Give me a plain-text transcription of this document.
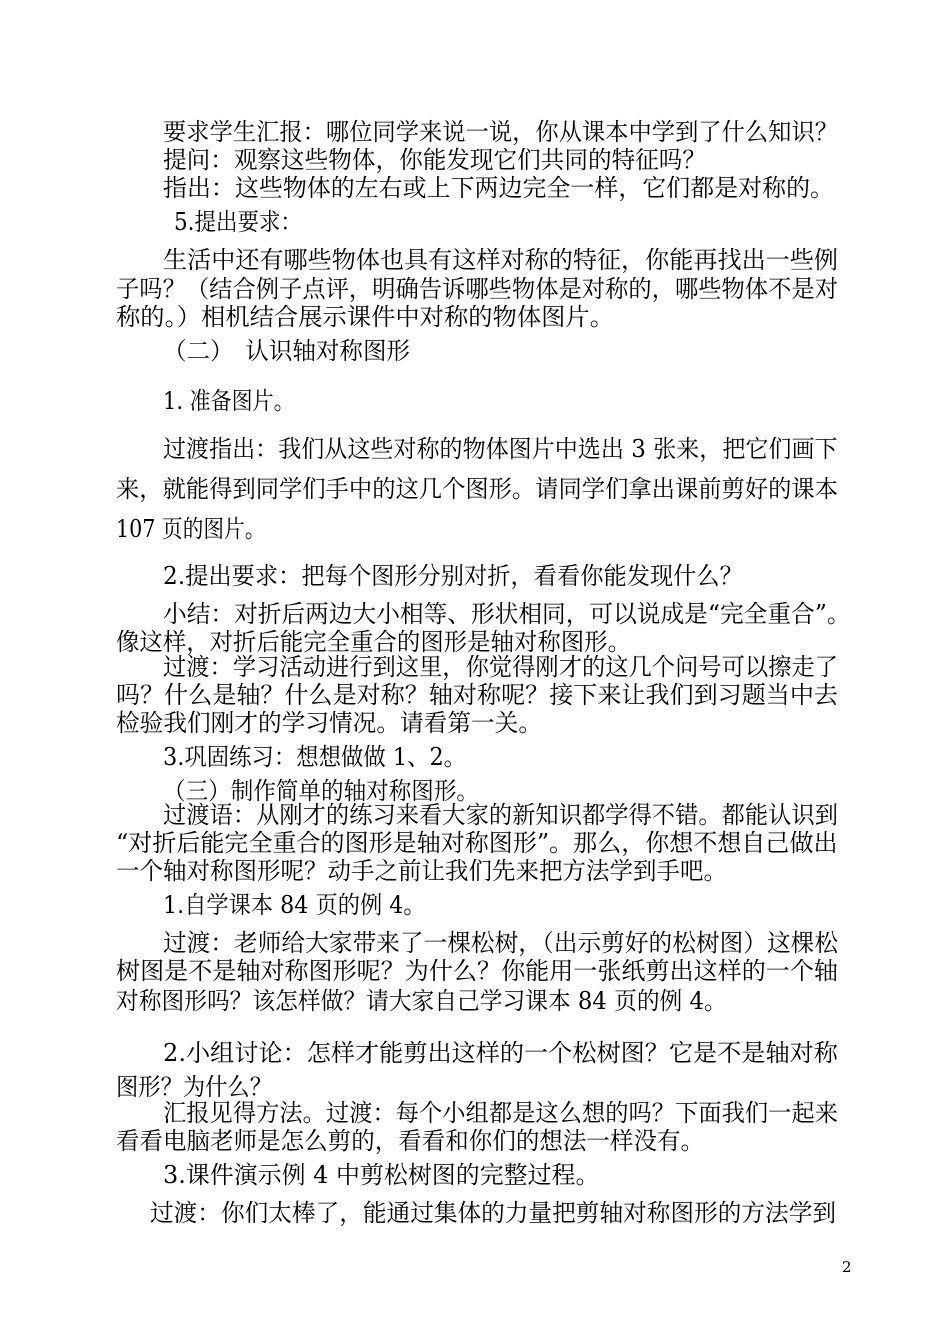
要求学生汇报：哪位同学来说一说，你从课本中学到了什么知识？
提问：观察这些物体，你能发现它们共同的特征吗？
指出：这些物体的左右或上下两边完全一样，它们都是对称的。
5.提出要求：
生活中还有哪些物体也具有这样对称的特征，你能再找出一些例
子吗？（结合例子点评，明确告诉哪些物体是对称的，哪些物体不是对
称的。）相机结合展示课件中对称的物体图片。
（二）　认识轴对称图形
1. 准备图片。
过渡指出：我们从这些对称的物体图片中选出 3 张来，把它们画下
来，就能得到同学们手中的这几个图形。请同学们拿出课前剪好的课本
107 页的图片。
2.提出要求：把每个图形分别对折，看看你能发现什么？
小结：对折后两边大小相等、形状相同，可以说成是“完全重合”。
像这样，对折后能完全重合的图形是轴对称图形。
过渡：学习活动进行到这里，你觉得刚才的这几个问号可以擦走了
吗？什么是轴？什么是对称？轴对称呢？接下来让我们到习题当中去
检验我们刚才的学习情况。请看第一关。
3.巩固练习：想想做做 1、2。
（三）制作简单的轴对称图形。
过渡语：从刚才的练习来看大家的新知识都学得不错。都能认识到
“对折后能完全重合的图形是轴对称图形”。那么，你想不想自己做出
一个轴对称图形呢？动手之前让我们先来把方法学到手吧。
1.自学课本 84 页的例 4。
过渡：老师给大家带来了一棵松树，（出示剪好的松树图）这棵松
树图是不是轴对称图形呢？为什么？你能用一张纸剪出这样的一个轴
对称图形吗？该怎样做？请大家自己学习课本 84 页的例 4。
2.小组讨论：怎样才能剪出这样的一个松树图？它是不是轴对称
图形？为什么？
汇报见得方法。过渡：每个小组都是这么想的吗？下面我们一起来
看看电脑老师是怎么剪的，看看和你们的想法一样没有。
3.课件演示例 4 中剪松树图的完整过程。
过渡：你们太棒了，能通过集体的力量把剪轴对称图形的方法学到
2
